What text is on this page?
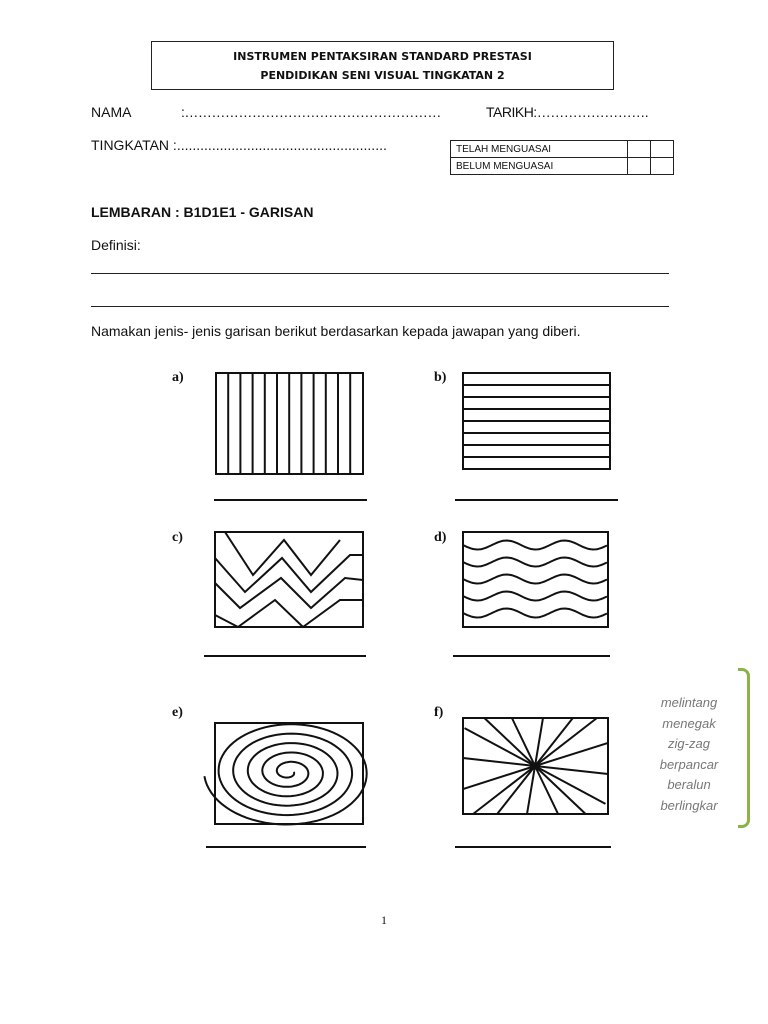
INSTRUMEN PENTAKSIRAN STANDARD PRESTASI
PENDIDIKAN SENI VISUAL TINGKATAN 2
NAMA	:…………………………………………………	TARIKH:…………………….
TINGKATAN :......................................................	TELAH MENGUASAI		
BELUM MENGUASAI		
LEMBARAN : B1D1E1 - GARISAN
Definisi:
Namakan jenis- jenis garisan berikut berdasarkan kepada jawapan yang diberi.
a)	b)
c)	d)
e)	f)
melintang
menegak
zig-zag
berpancar
beralun
berlingkar
1
